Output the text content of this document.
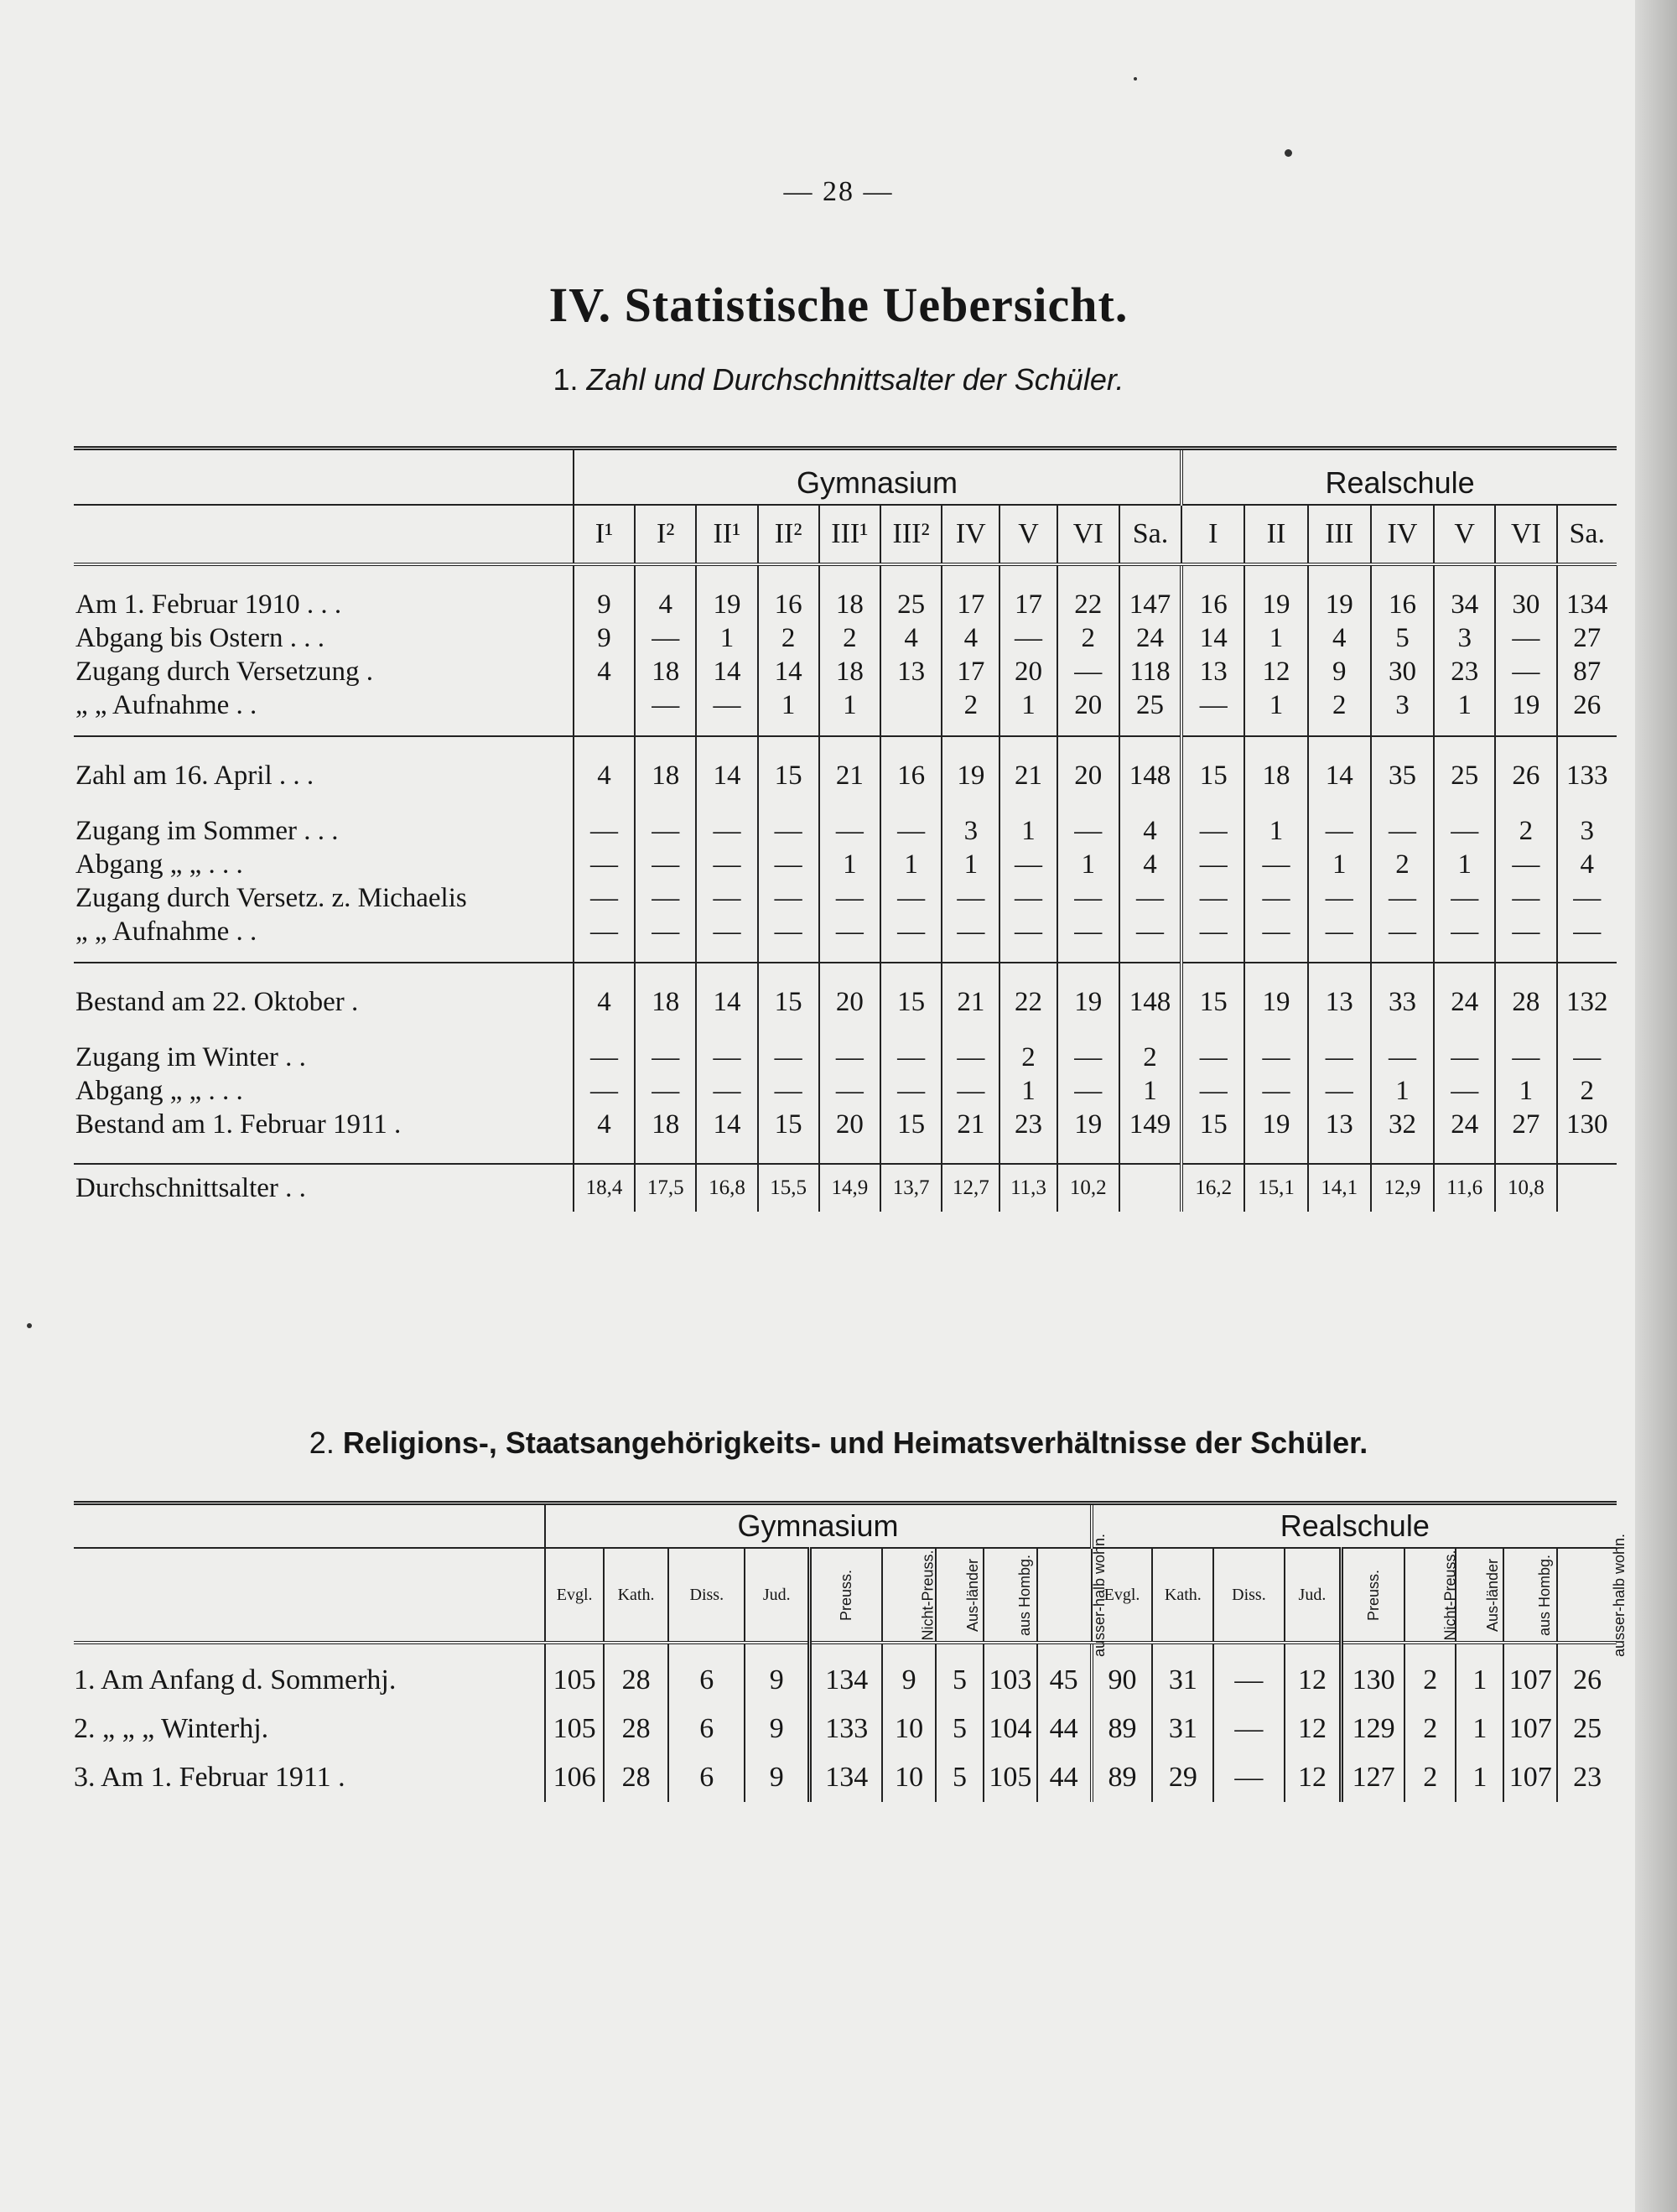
— 28 —
IV. Statistische Uebersicht.
1. Zahl und Durchschnittsalter der Schüler.
	Gymnasium										Realschule						
	I¹	I²	II¹	II²	III¹	III²	IV	V	VI	Sa.	I	II	III	IV	V	VI	Sa.

Am 1. Februar 1910 . . .	9	4	19	16	18	25	17	17	22	147	16	19	19	16	34	30	134
Abgang bis Ostern . . .	9	—	1	2	2	4	4	—	2	24	14	1	4	5	3	—	27
Zugang durch Versetzung .	4	18	14	14	18	13	17	20	—	118	13	12	9	30	23	—	87
„ „ Aufnahme . .		—	—	1	1		2	1	20	25	—	1	2	3	1	19	26

Zahl am 16. April . . .	4	18	14	15	21	16	19	21	20	148	15	18	14	35	25	26	133

Zugang im Sommer . . .	—	—	—	—	—	—	3	1	—	4	—	1	—	—	—	2	3
Abgang „ „ . . .	—	—	—	—	1	1	1	—	1	4	—	—	1	2	1	—	4
Zugang durch Versetz. z. Michaelis	—	—	—	—	—	—	—	—	—	—	—	—	—	—	—	—	—
„ „ Aufnahme . .	—	—	—	—	—	—	—	—	—	—	—	—	—	—	—	—	—

Bestand am 22. Oktober .	4	18	14	15	20	15	21	22	19	148	15	19	13	33	24	28	132

Zugang im Winter . .	—	—	—	—	—	—	—	2	—	2	—	—	—	—	—	—	—
Abgang „ „ . . .	—	—	—	—	—	—	—	1	—	1	—	—	—	1	—	1	2
Bestand am 1. Februar 1911 .	4	18	14	15	20	15	21	23	19	149	15	19	13	32	24	27	130

Durchschnittsalter . .	18,4	17,5	16,8	15,5	14,9	13,7	12,7	11,3	10,2		16,2	15,1	14,1	12,9	11,6	10,8	
2. Religions-, Staatsangehörigkeits- und Heimatsverhältnisse der Schüler.
	Gymnasium									Realschule								
	Evgl.	Kath.	Diss.	Jud.	Preuss.	Nicht-Preuss.	Aus-länder	aus Hombg.	ausser-halb wohn.	Evgl.	Kath.	Diss.	Jud.	Preuss.	Nicht-Preuss.	Aus-länder	aus Hombg.	ausser-halb wohn.
1. Am Anfang d. Sommerhj.	105	28	6	9	134	9	5	103	45	90	31	—	12	130	2	1	107	26
2. „ „ „ Winterhj.	105	28	6	9	133	10	5	104	44	89	31	—	12	129	2	1	107	25
3. Am 1. Februar 1911 .	106	28	6	9	134	10	5	105	44	89	29	—	12	127	2	1	107	23
